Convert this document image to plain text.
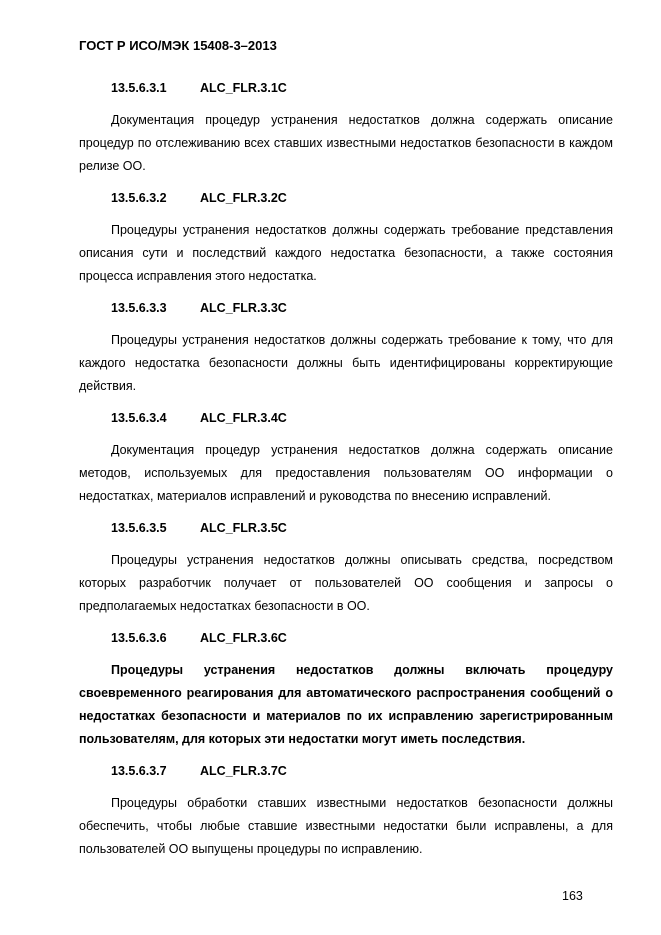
ГОСТ Р ИСО/МЭК 15408-3–2013
13.5.6.3.1	ALC_FLR.3.1C

Документация процедур устранения недостатков должна содержать описание процедур по отслеживанию всех ставших известными недостатков безопасности в каждом релизе ОО.

13.5.6.3.2	ALC_FLR.3.2C

Процедуры устранения недостатков должны содержать требование представления описания сути и последствий каждого недостатка безопасности, а также состояния процесса исправления этого недостатка.

13.5.6.3.3	ALC_FLR.3.3C

Процедуры устранения недостатков должны содержать требование к тому, что для каждого недостатка безопасности должны быть идентифицированы корректирующие действия.

13.5.6.3.4	ALC_FLR.3.4C

Документация процедур устранения недостатков должна содержать описание методов, используемых для предоставления пользователям ОО информации о недостатках, материалов исправлений и руководства по внесению исправлений.

13.5.6.3.5	ALC_FLR.3.5C

Процедуры устранения недостатков должны описывать средства, посредством которых разработчик получает от пользователей ОО сообщения и запросы о предполагаемых недостатках безопасности в ОО.

13.5.6.3.6	ALC_FLR.3.6C

Процедуры устранения недостатков должны включать процедуру своевременного реагирования для автоматического распространения сообщений о недостатках безопасности и материалов по их исправлению зарегистрированным пользователям, для которых эти недостатки могут иметь последствия.

13.5.6.3.7	ALC_FLR.3.7C

Процедуры обработки ставших известными недостатков безопасности должны обеспечить, чтобы любые ставшие известными недостатки были исправлены, а для пользователей ОО выпущены процедуры по исправлению.

163
